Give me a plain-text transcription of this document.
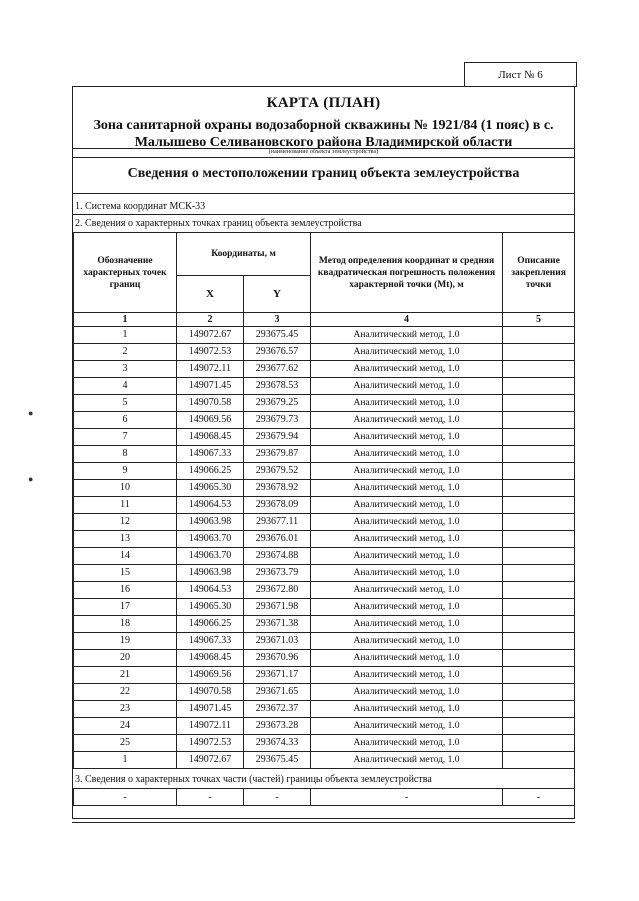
Лист № 6
●
●
КАРТА (ПЛАН)
Зона санитарной охраны водозаборной скважины № 1921/84 (1 пояс) в с.
Малышево Селивановского района Владимирской области
(наименование объекта землеустройства)
Сведения о местоположении границ объекта землеустройства
1. Система координат МСК-33
2. Сведения о характерных точках границ объекта землеустройства
Обозначение характерных точек границ	Координаты, м		Метод определения координат и средняя квадратическая погрешность положения характерной точки (Mt), м	Описание закрепления точки
	X	Y		
1	2	3	4	5
1	149072.67	293675.45	Аналитический метод, 1.0	
2	149072.53	293676.57	Аналитический метод, 1.0	
3	149072.11	293677.62	Аналитический метод, 1.0	
4	149071.45	293678.53	Аналитический метод, 1.0	
5	149070.58	293679.25	Аналитический метод, 1.0	
6	149069.56	293679.73	Аналитический метод, 1.0	
7	149068.45	293679.94	Аналитический метод, 1.0	
8	149067.33	293679.87	Аналитический метод, 1.0	
9	149066.25	293679.52	Аналитический метод, 1.0	
10	149065.30	293678.92	Аналитический метод, 1.0	
11	149064.53	293678.09	Аналитический метод, 1.0	
12	149063.98	293677.11	Аналитический метод, 1.0	
13	149063.70	293676.01	Аналитический метод, 1.0	
14	149063.70	293674.88	Аналитический метод, 1.0	
15	149063.98	293673.79	Аналитический метод, 1.0	
16	149064.53	293672.80	Аналитический метод, 1.0	
17	149065.30	293671.98	Аналитический метод, 1.0	
18	149066.25	293671.38	Аналитический метод, 1.0	
19	149067.33	293671.03	Аналитический метод, 1.0	
20	149068.45	293670.96	Аналитический метод, 1.0	
21	149069.56	293671.17	Аналитический метод, 1.0	
22	149070.58	293671.65	Аналитический метод, 1.0	
23	149071.45	293672.37	Аналитический метод, 1.0	
24	149072.11	293673.28	Аналитический метод, 1.0	
25	149072.53	293674.33	Аналитический метод, 1.0	
1	149072.67	293675.45	Аналитический метод, 1.0	
3. Сведения о характерных точках части (частей) границы объекта землеустройства
-	-	-	-	-
